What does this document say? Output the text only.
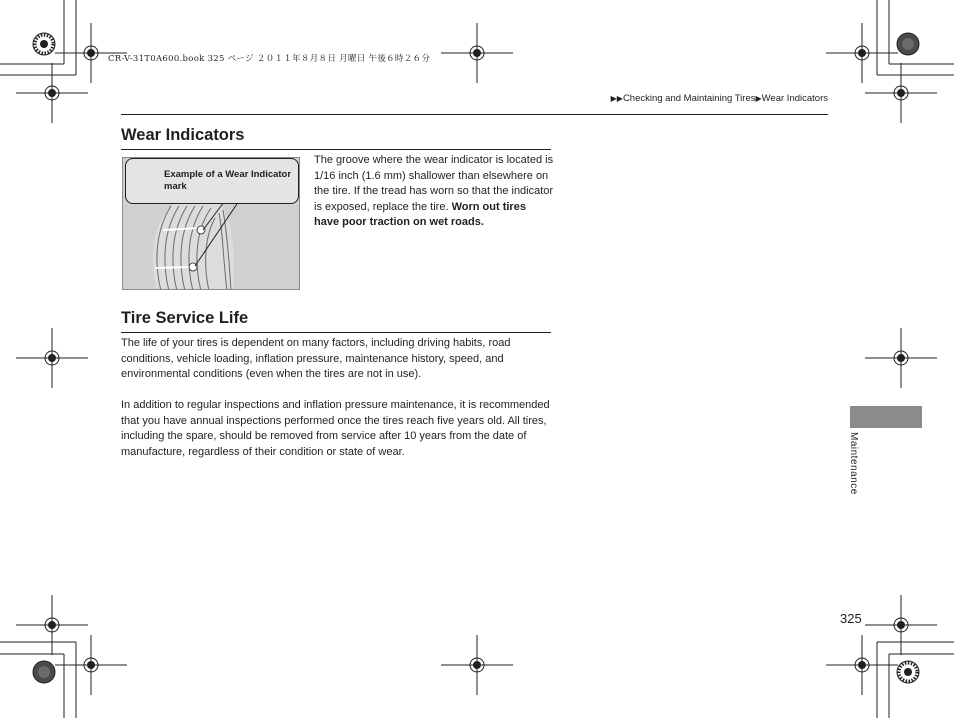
CR-V-31T0A600.book 325 ページ ２０１１年８月８日 月曜日 午後６時２６分
▶▶Checking and Maintaining Tires▶Wear Indicators
Wear Indicators
Example of a Wear Indicator mark
The groove where the wear indicator is located is 1/16 inch (1.6 mm) shallower than elsewhere on the tire. If the tread has worn so that the indicator is exposed, replace the tire. Worn out tires have poor traction on wet roads.
Tire Service Life
The life of your tires is dependent on many factors, including driving habits, road conditions, vehicle loading, inflation pressure, maintenance history, speed, and environmental conditions (even when the tires are not in use).
In addition to regular inspections and inflation pressure maintenance, it is recommended that you have annual inspections performed once the tires reach five years old. All tires, including the spare, should be removed from service after 10 years from the date of manufacture, regardless of their condition or state of wear.	Maintenance
325
